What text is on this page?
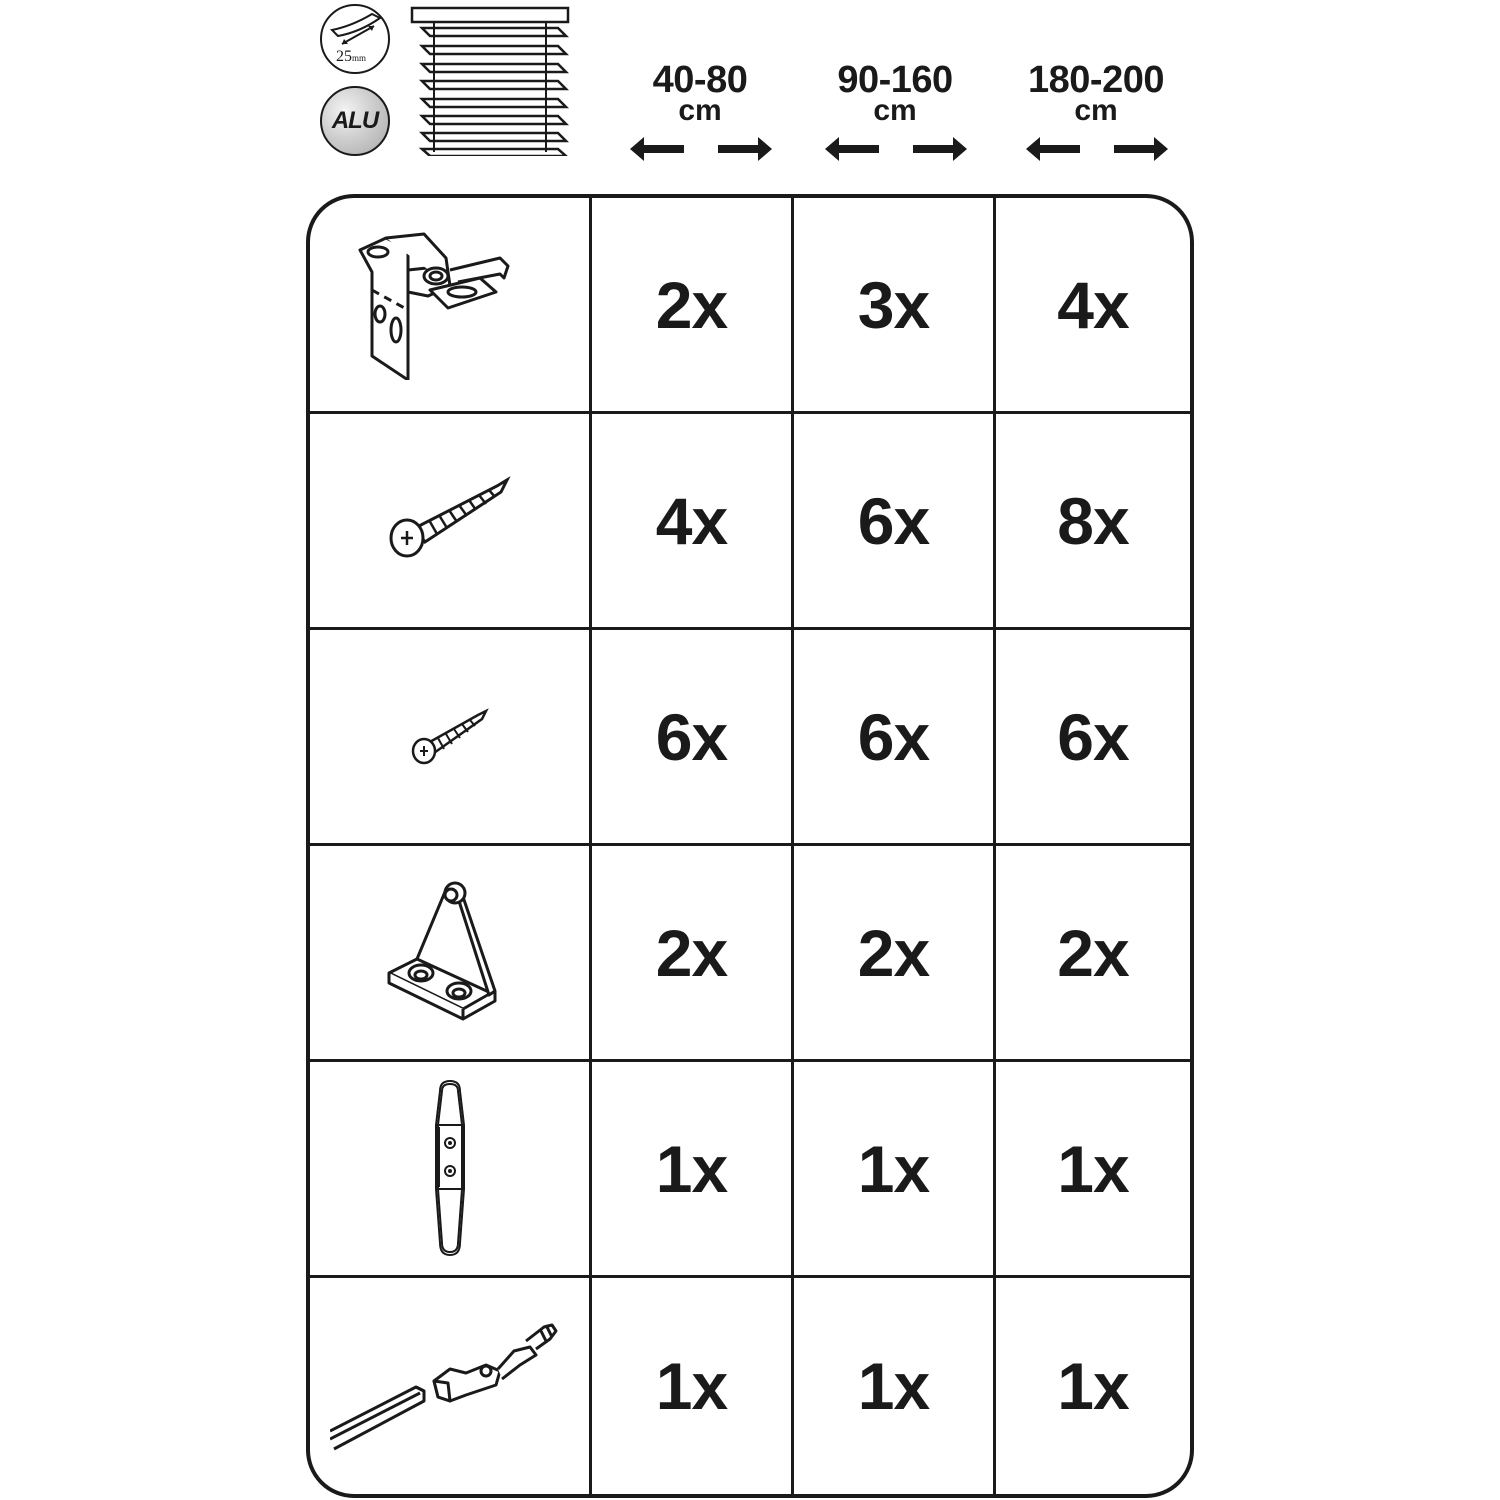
25mm
ALU
40-80
cm
90-160
cm
180-200
cm
2x 3x 4x
4x 6x 8x
6x 6x 6x
2x 2x 2x
1x 1x 1x
1x 1x 1x
